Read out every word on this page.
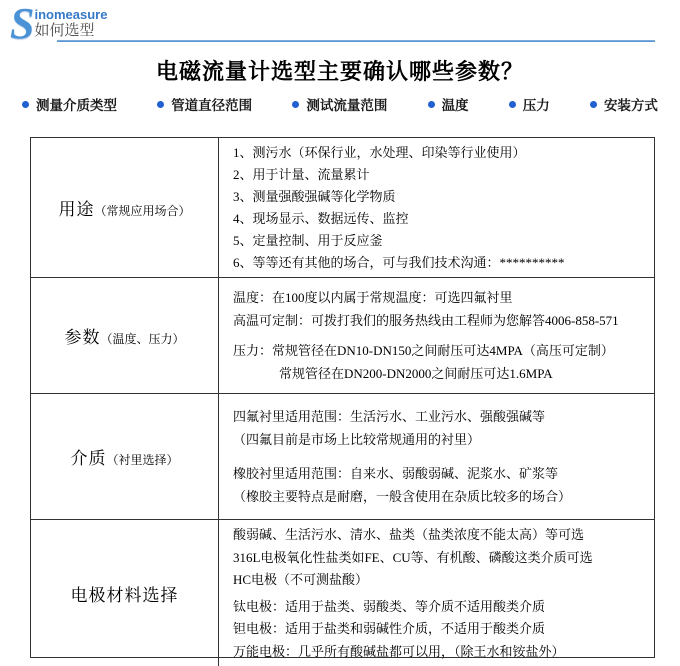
S inomeasure
如何选型
电磁流量计选型主要确认哪些参数？
测量介质类型	管道直径范围	测试流量范围	温度	压力	安装方式
用途（常规应用场合）
1、测污水（环保行业，水处理、印染等行业使用）
2、用于计量、流量累计
3、测量强酸强碱等化学物质
4、现场显示、数据远传、监控
5、定量控制、用于反应釜
6、等等还有其他的场合，可与我们技术沟通：**********
参数（温度、压力）
温度：在100度以内属于常规温度：可选四氟衬里
高温可定制：可拨打我们的服务热线由工程师为您解答4006-858-571
压力：常规管径在DN10-DN150之间耐压可达4MPA（高压可定制）
常规管径在DN200-DN2000之间耐压可达1.6MPA
介质（衬里选择）
四氟衬里适用范围：生活污水、工业污水、强酸强碱等
（四氟目前是市场上比较常规通用的衬里）
橡胶衬里适用范围：自来水、弱酸弱碱、泥浆水、矿浆等
（橡胶主要特点是耐磨，一般含使用在杂质比较多的场合）
电极材料选择
酸弱碱、生活污水、清水、盐类（盐类浓度不能太高）等可选
316L电极氧化性盐类如FE、CU等、有机酸、磷酸这类介质可选
HC电极（不可测盐酸）
钛电极：适用于盐类、弱酸类、等介质不适用酸类介质
钽电极：适用于盐类和弱碱性介质，不适用于酸类介质
万能电极：几乎所有酸碱盐都可以用，（除王水和铵盐外）
